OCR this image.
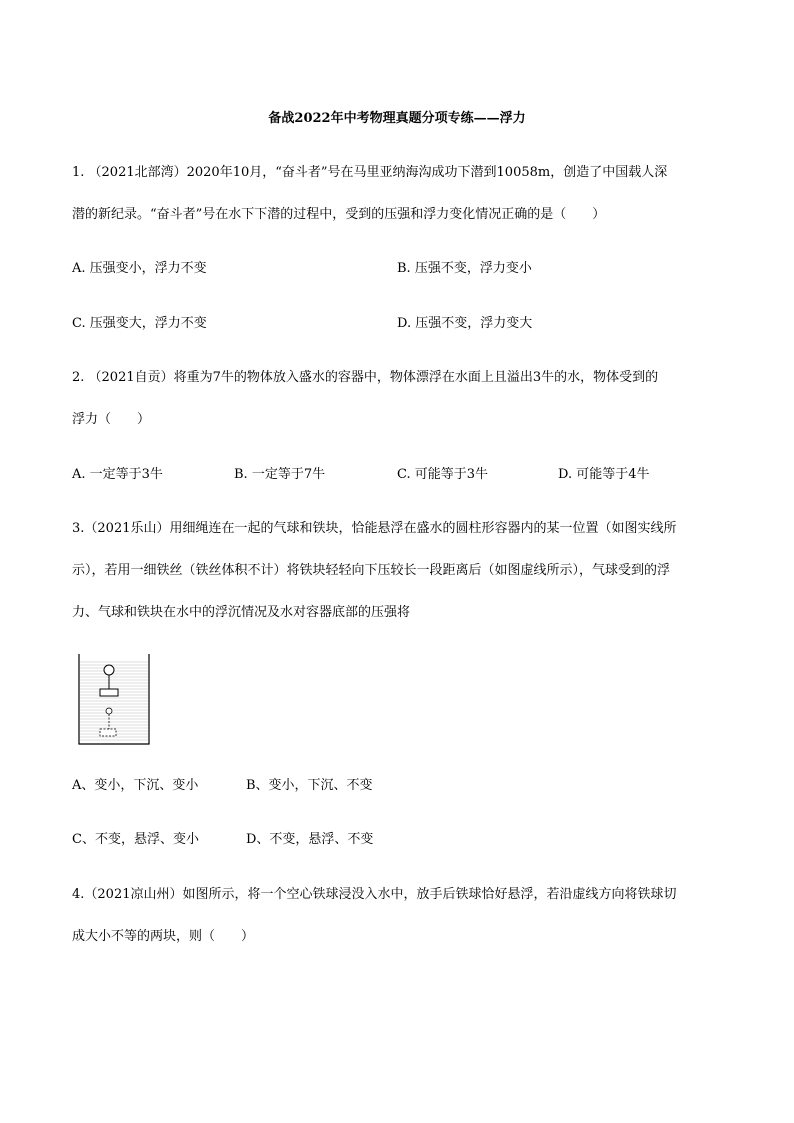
备战2022年中考物理真题分项专练——浮力
1. （2021北部湾）2020年10月，“奋斗者”号在马里亚纳海沟成功下潜到10058m，创造了中国载人深
潜的新纪录。“奋斗者”号在水下下潜的过程中，受到的压强和浮力变化情况正确的是（　　）
A. 压强变小，浮力不变	B. 压强不变，浮力变小
C. 压强变大，浮力不变	D. 压强不变，浮力变大
2. （2021自贡）将重为7牛的物体放入盛水的容器中，物体漂浮在水面上且溢出3牛的水，物体受到的
浮力（　　）
A. 一定等于3牛	B. 一定等于7牛	C. 可能等于3牛	D. 可能等于4牛
3.（2021乐山）用细绳连在一起的气球和铁块，恰能悬浮在盛水的圆柱形容器内的某一位置（如图实线所
示），若用一细铁丝（铁丝体积不计）将铁块轻轻向下压较长一段距离后（如图虚线所示），气球受到的浮
力、气球和铁块在水中的浮沉情况及水对容器底部的压强将
A、变小，下沉、变小	B、变小，下沉、不变
C、不变，悬浮、变小	D、不变，悬浮、不变
4.（2021凉山州）如图所示，将一个空心铁球浸没入水中，放手后铁球恰好悬浮，若沿虚线方向将铁球切
成大小不等的两块，则（　　）
